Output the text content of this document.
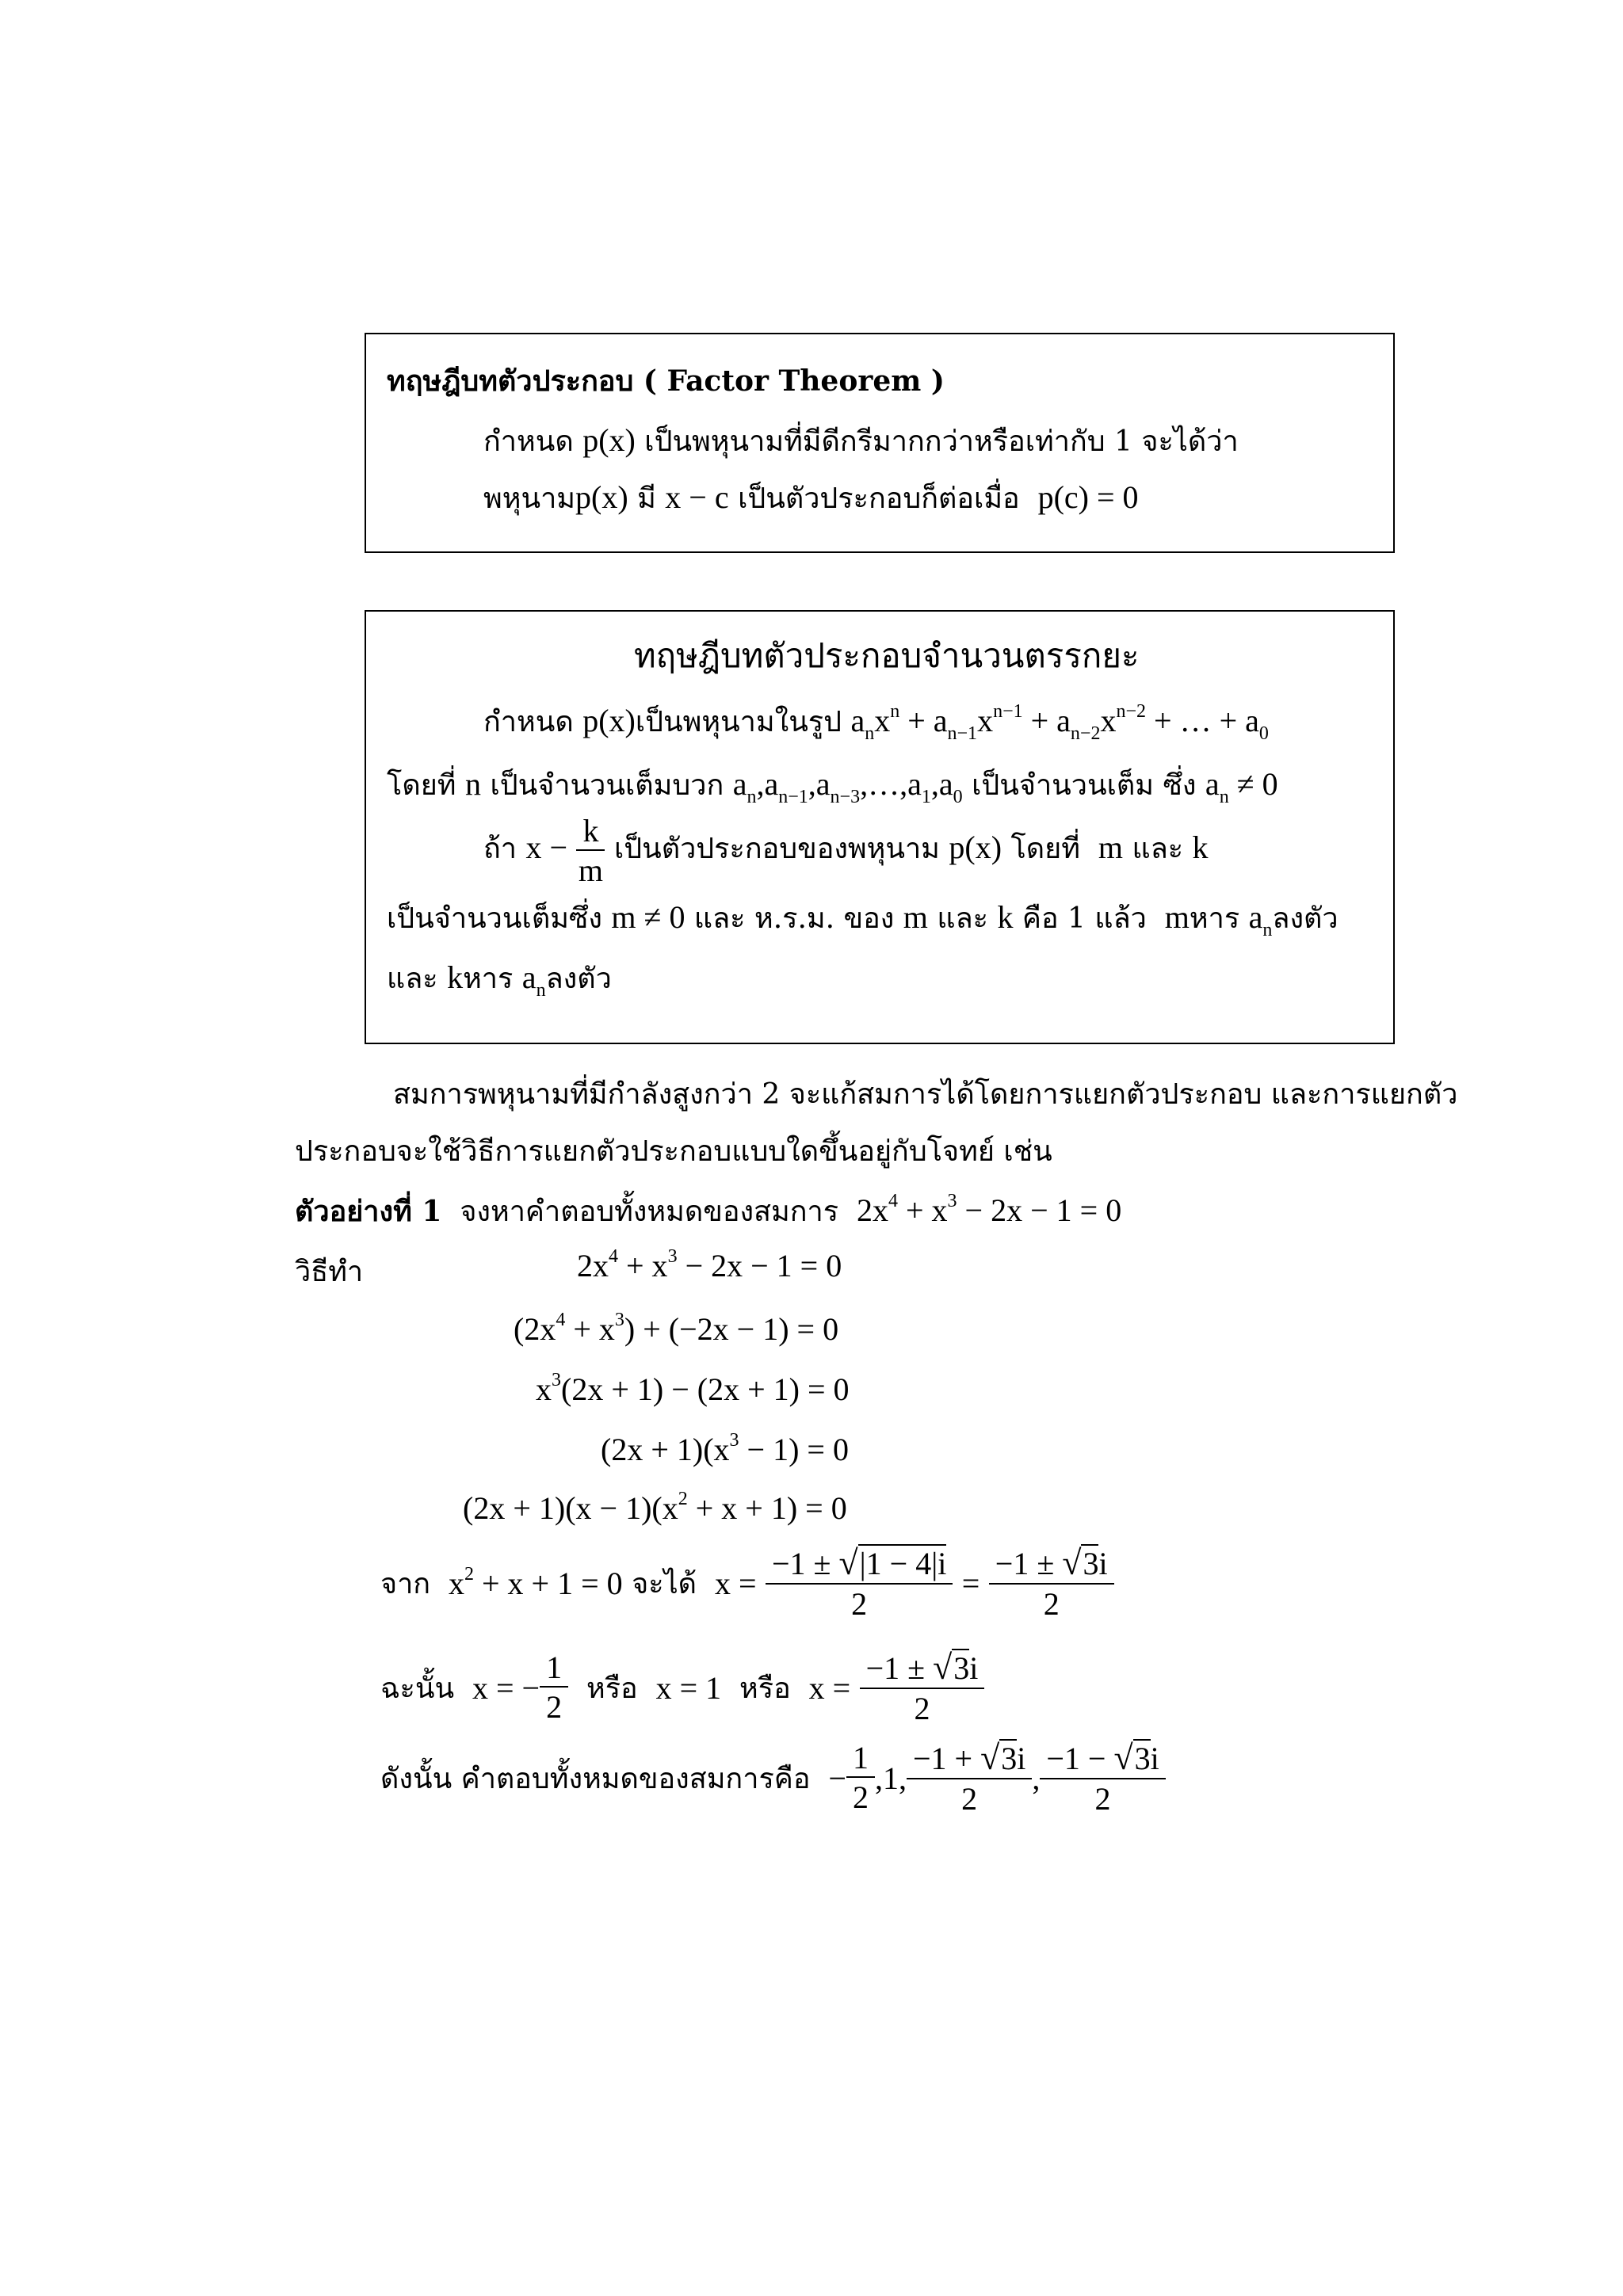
ทฤษฎีบทตัวประกอบ ( Factor Theorem )
กำหนด p(x) เป็นพหุนามที่มีดีกรีมากกว่าหรือเท่ากับ 1 จะได้ว่า
พหุนามp(x) มี x − c เป็นตัวประกอบก็ต่อเมื่อ p(c) = 0
ทฤษฎีบทตัวประกอบจำนวนตรรกยะ
กำหนด p(x)เป็นพหุนามในรูป $a_nx^n + a_{n-1}x^{n-1} + a_{n-2}x^{n-2}$ + … + $a_0$
โดยที่ n เป็นจำนวนเต็มบวก $a_n,a_{n-1},a_{n-3},\dots,a_1,a_0$ เป็นจำนวนเต็ม ซึ่ง $a_n \ne 0$
ถ้า $x - \frac{k}{m}$ เป็นตัวประกอบของพหุนาม p(x) โดยที่ m และ k
เป็นจำนวนเต็มซึ่ง m ≠ 0 และ ห.ร.ม. ของ m และ k คือ 1 แล้ว mหาร $a_n$ลงตัว
และ kหาร $a_n$ลงตัว
สมการพหุนามที่มีกำลังสูงกว่า 2 จะแก้สมการได้โดยการแยกตัวประกอบ และการแยกตัว
ประกอบจะใช้วิธีการแยกตัวประกอบแบบใดขึ้นอยู่กับโจทย์ เช่น
ตัวอย่างที่ 1 จงหาคำตอบทั้งหมดของสมการ $2x^4 + x^3 - 2x - 1 = 0$
วิธีทำ	$2x^4 + x^3 - 2x - 1 = 0$
$(2x^4 + x^3) + (-2x - 1) = 0$
$x^3(2x + 1) - (2x + 1) = 0$
$(2x + 1)(x^3 - 1) = 0$
$(2x + 1)(x - 1)(x^2 + x + 1) = 0$
จาก
$x^2 + x + 1 = 0$
จะได้
x =
$\frac{-1 \pm √|1 - 4|i}{2}$
=
$\frac{-1 \pm √3i}{2}$
ฉะนั้น
x = − $\frac{1}{2}$
หรือ
x = 1
หรือ
x =
$\frac{-1 \pm √3i}{2}$
ดังนั้น คำตอบทั้งหมดของสมการคือ
− $\frac{1}{2} ,1$, $\frac{-1 + √3i}{2}$ , $\frac{-1 - √3i}{2}$
